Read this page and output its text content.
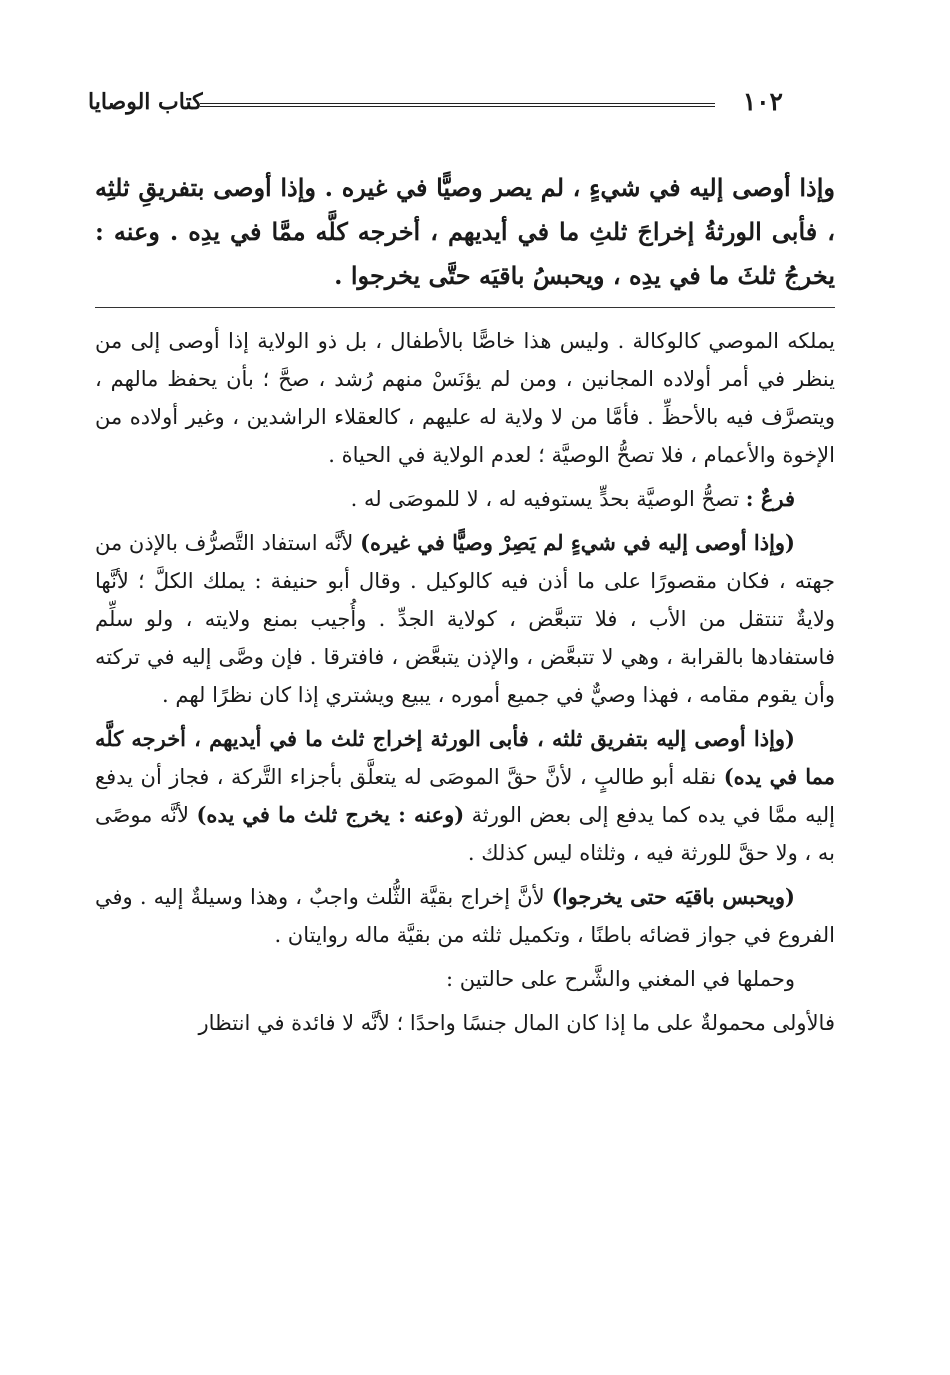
١٠٢
كتاب الوصايا
وإذا أوصى إليه في شيءٍ ، لم يصر وصيًّا في غيره . وإذا أوصى بتفريقِ ثلثِه ، فأبى الورثةُ إخراجَ ثلثِ ما في أيديهم ، أخرجه كلَّه ممَّا في يدِه . وعنه : يخرجُ ثلثَ ما في يدِه ، ويحبسُ باقيَه حتَّى يخرجوا .

يملكه الموصي كالوكالة . وليس هذا خاصًّا بالأطفال ، بل ذو الولاية إذا أوصى إلى من ينظر في أمر أولاده المجانين ، ومن لم يؤنَسْ منهم رُشد ، صحَّ ؛ بأن يحفظ مالهم ، ويتصرَّف فيه بالأحظِّ . فأمَّا من لا ولاية له عليهم ، كالعقلاء الراشدين ، وغير أولاده من الإخوة والأعمام ، فلا تصحُّ الوصيَّة ؛ لعدم الولاية في الحياة .

فرعٌ : تصحُّ الوصيَّة بحدٍّ يستوفيه له ، لا للموصَى له .

(وإذا أوصى إليه في شيءٍ لم يَصِرْ وصيًّا في غيره) لأنَّه استفاد التَّصرُّف بالإذن من جهته ، فكان مقصورًا على ما أذن فيه كالوكيل . وقال أبو حنيفة : يملك الكلَّ ؛ لأنَّها ولايةٌ تنتقل من الأب ، فلا تتبعَّض ، كولاية الجدِّ . وأُجيب بمنع ولايته ، ولو سلِّم فاستفادها بالقرابة ، وهي لا تتبعَّض ، والإذن يتبعَّض ، فافترقا . فإن وصَّى إليه في تركته وأن يقوم مقامه ، فهذا وصيٌّ في جميع أموره ، يبيع ويشتري إذا كان نظرًا لهم .

(وإذا أوصى إليه بتفريق ثلثه ، فأبى الورثة إخراج ثلث ما في أيديهم ، أخرجه كلَّه مما في يده) نقله أبو طالبٍ ، لأنَّ حقَّ الموصَى له يتعلَّق بأجزاء التَّركة ، فجاز أن يدفع إليه ممَّا في يده كما يدفع إلى بعض الورثة (وعنه : يخرج ثلث ما في يده) لأنَّه موصًى به ، ولا حقَّ للورثة فيه ، وثلثاه ليس كذلك .

(ويحبس باقيَه حتى يخرجوا) لأنَّ إخراج بقيَّة الثُّلث واجبٌ ، وهذا وسيلةٌ إليه . وفي الفروع في جواز قضائه باطنًا ، وتكميل ثلثه من بقيَّة ماله روايتان .

وحملها في المغني والشَّرح على حالتين :

فالأولى محمولةٌ على ما إذا كان المال جنسًا واحدًا ؛ لأنَّه لا فائدة في انتظار
